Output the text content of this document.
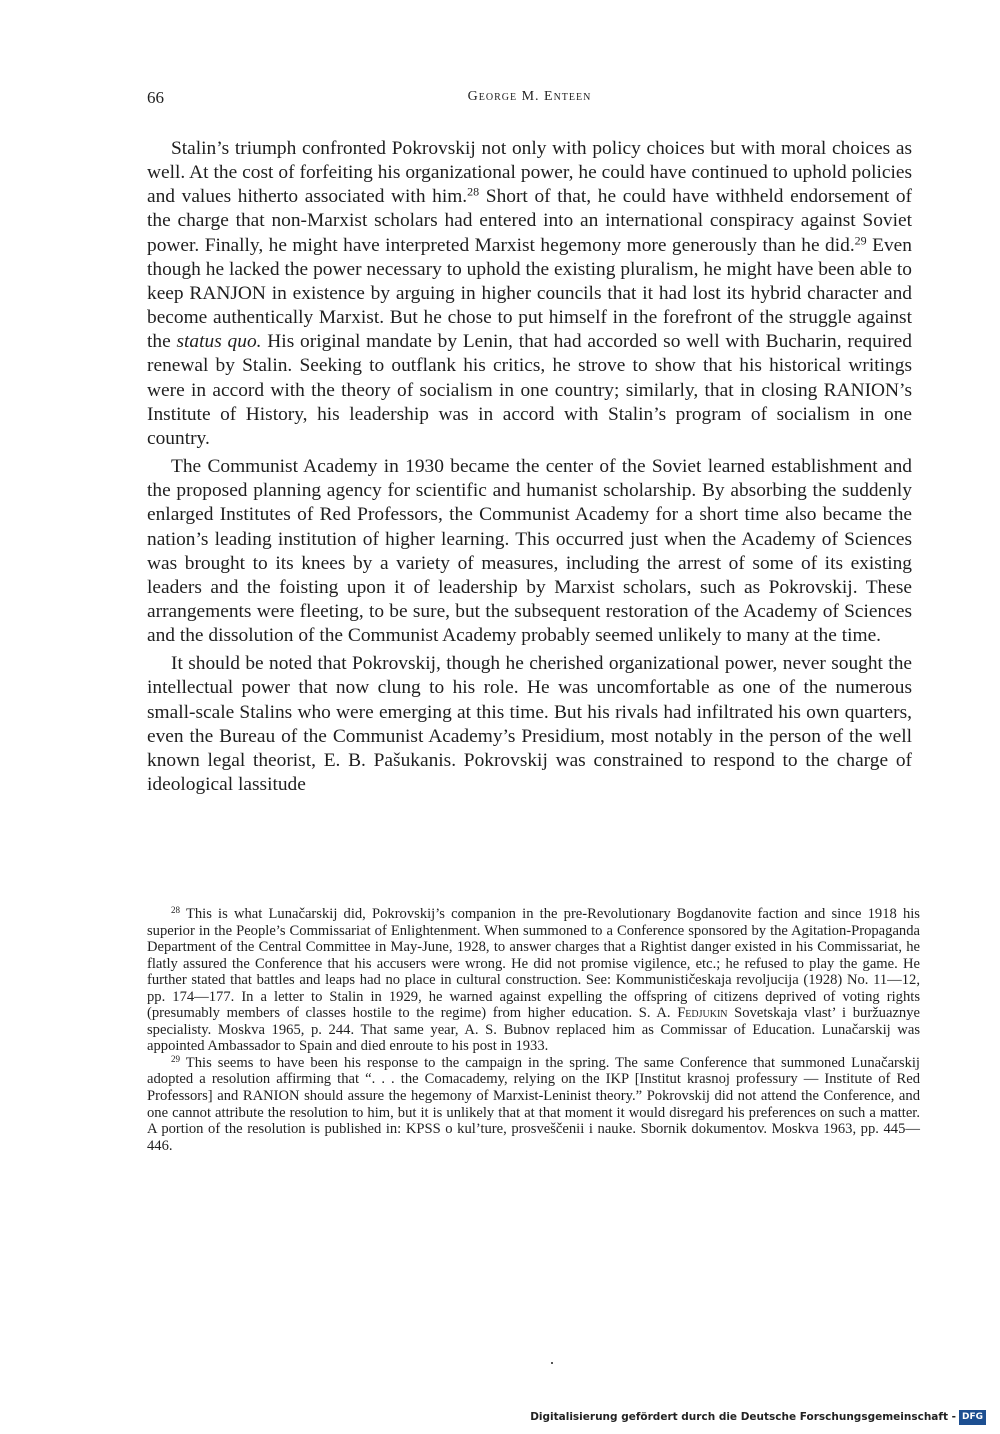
66	George M. Enteen

Stalin’s triumph confronted Pokrovskij not only with policy choices but with moral choices as well. At the cost of forfeiting his organizational power, he could have continued to uphold policies and values hitherto associated with him.$^{28}$ Short of that, he could have withheld endorsement of the charge that non-Marxist scholars had entered into an international conspiracy against Soviet power. Finally, he might have interpreted Marxist hegemony more generously than he did.$^{29}$ Even though he lacked the power necessary to uphold the existing pluralism, he might have been able to keep RANJON in existence by arguing in higher councils that it had lost its hybrid character and become authentically Marxist. But he chose to put himself in the forefront of the struggle against the status quo. His original mandate by Lenin, that had accorded so well with Bucharin, required renewal by Stalin. Seeking to outflank his critics, he strove to show that his historical writings were in accord with the theory of socialism in one country; similarly, that in closing RANION’s Institute of History, his leadership was in accord with Stalin’s program of socialism in one country.

The Communist Academy in 1930 became the center of the Soviet learned establishment and the proposed planning agency for scientific and humanist scholarship. By absorbing the suddenly enlarged Institutes of Red Professors, the Communist Academy for a short time also became the nation’s leading institution of higher learning. This occurred just when the Academy of Sciences was brought to its knees by a variety of measures, including the arrest of some of its existing leaders and the foisting upon it of leadership by Marxist scholars, such as Pokrovskij. These arrangements were fleeting, to be sure, but the subsequent restoration of the Academy of Sciences and the dissolution of the Communist Academy probably seemed unlikely to many at the time.

It should be noted that Pokrovskij, though he cherished organizational power, never sought the intellectual power that now clung to his role. He was uncomfortable as one of the numerous small-scale Stalins who were emerging at this time. But his rivals had infiltrated his own quarters, even the Bureau of the Communist Academy’s Presidium, most notably in the person of the well known legal theorist, E. B. Pašukanis. Pokrovskij was constrained to respond to the charge of ideological lassitude

$^{28}$ This is what Lunačarskij did, Pokrovskij’s companion in the pre-Revolutionary Bogdanovite faction and since 1918 his superior in the People’s Commissariat of Enlightenment. When summoned to a Conference sponsored by the Agitation-Propaganda Department of the Central Committee in May-June, 1928, to answer charges that a Rightist danger existed in his Commissariat, he flatly assured the Conference that his accusers were wrong. He did not promise vigilence, etc.; he refused to play the game. He further stated that battles and leaps had no place in cultural construction. See: Kommunističeskaja revoljucija (1928) No. 11—12, pp. 174—177. In a letter to Stalin in 1929, he warned against expelling the offspring of citizens deprived of voting rights (presumably members of classes hostile to the regime) from higher education. S. A. Fedjukin Sovetskaja vlast’ i buržuaznye specialisty. Moskva 1965, p. 244. That same year, A. S. Bubnov replaced him as Commissar of Education. Lunačarskij was appointed Ambassador to Spain and died enroute to his post in 1933.

$^{29}$ This seems to have been his response to the campaign in the spring. The same Conference that summoned Lunačarskij adopted a resolution affirming that “. . . the Comacademy, relying on the IKP [Institut krasnoj professury — Institute of Red Professors] and RANION should assure the hegemony of Marxist-Leninist theory.” Pokrovskij did not attend the Conference, and one cannot attribute the resolution to him, but it is unlikely that at that moment it would disregard his preferences on such a matter. A portion of the resolution is published in: KPSS o kul’ture, prosveščenii i nauke. Sbornik dokumentov. Moskva 1963, pp. 445—446.

Digitalisierung gefördert durch die Deutsche Forschungsgemeinschaft - DFG
